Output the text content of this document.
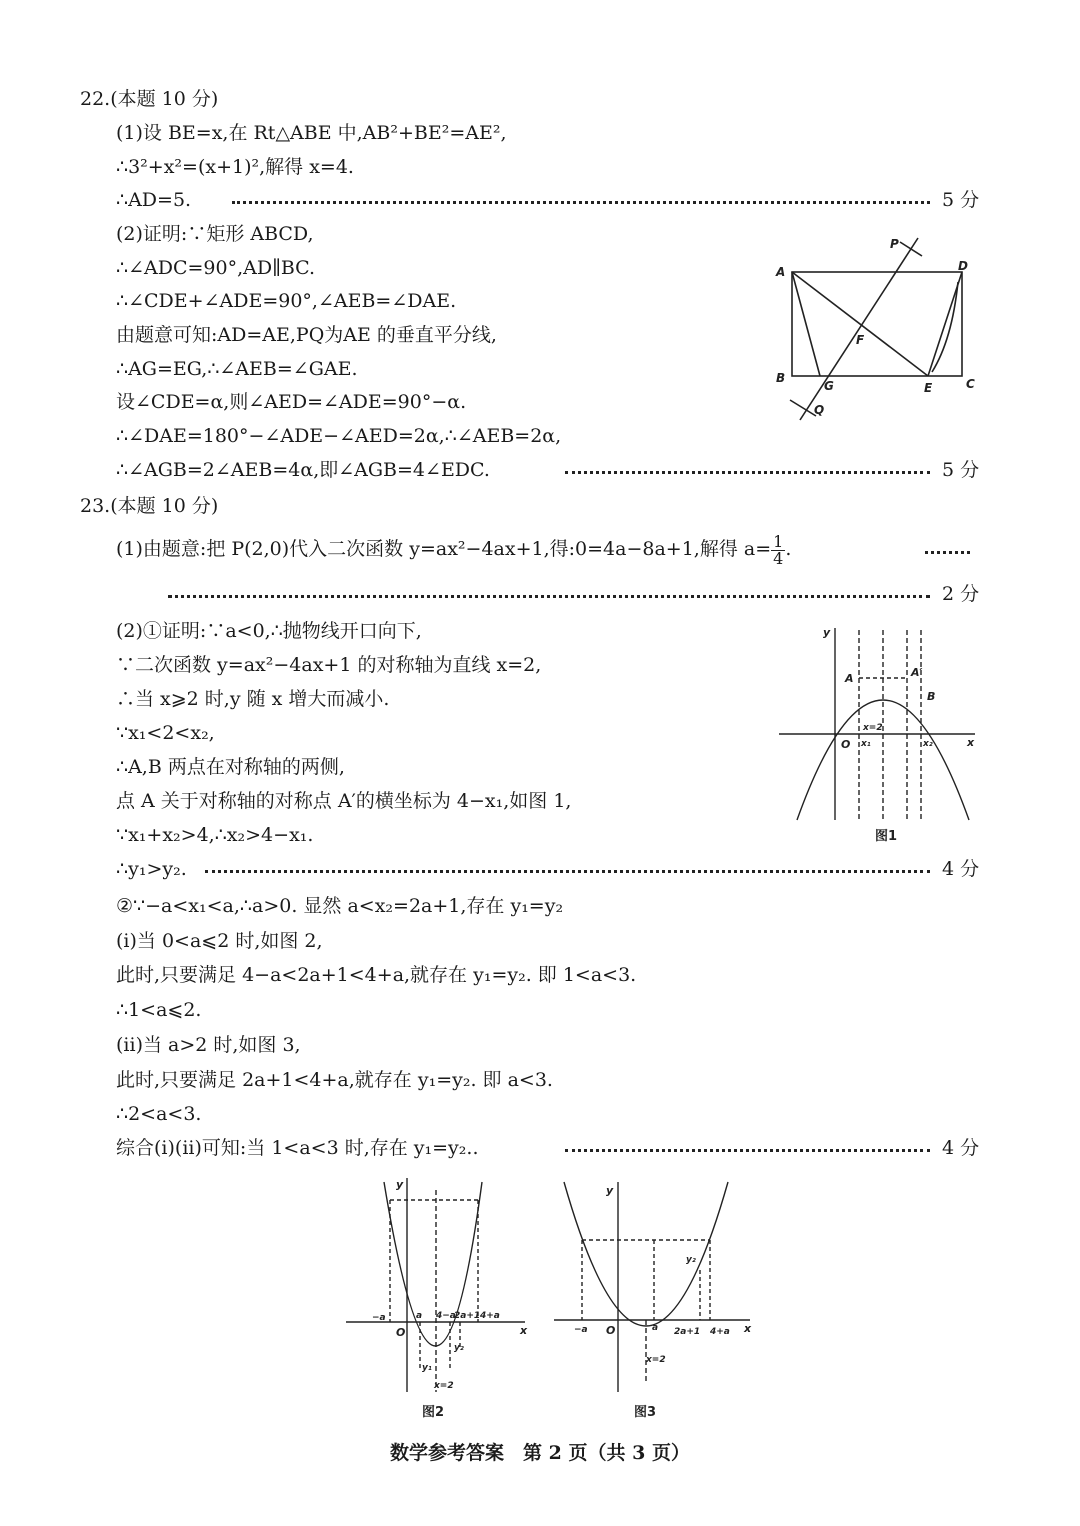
22.(本题 10 分)
(1)设 BE=x,在 Rt△ABE 中,AB²+BE²=AE²,
∴3²+x²=(x+1)²,解得 x=4.
∴AD=5.	5 分
(2)证明:∵矩形 ABCD,
∴∠ADC=90°,AD∥BC.
∴∠CDE+∠ADE=90°,∠AEB=∠DAE.
由题意可知:AD=AE,PQ为AE 的垂直平分线,
∴AG=EG,∴∠AEB=∠GAE.
设∠CDE=α,则∠AED=∠ADE=90°−α.
∴∠DAE=180°−∠ADE−∠AED=2α,∴∠AEB=2α,
∴∠AGB=2∠AEB=4α,即∠AGB=4∠EDC.	5 分
A	D
B	C
E
G
F
P
Q
23.(本题 10 分)
(1)由题意:把 P(2,0)代入二次函数 y=ax²−4ax+1,得:0=4a−8a+1,解得 $a= \frac{1}{4}$ .
2 分
(2)①证明:∵a<0,∴抛物线开口向下,
∵二次函数 y=ax²−4ax+1 的对称轴为直线 x=2,
∴当 x⩾2 时,y 随 x 增大而减小.
∵x₁<2<x₂,
∴A,B 两点在对称轴的两侧,
点 A 关于对称轴的对称点 A′的横坐标为 4−x₁,如图 1,
∵x₁+x₂>4,∴x₂>4−x₁.
∴y₁>y₂.	4 分
②∵−a<x₁<a,∴a>0. 显然 a<x₂=2a+1,存在 y₁=y₂
(i)当 0<a⩽2 时,如图 2,
此时,只要满足 4−a<2a+1<4+a,就存在 y₁=y₂. 即 1<a<3.
∴1<a⩽2.
(ii)当 a>2 时,如图 3,
此时,只要满足 2a+1<4+a,就存在 y₁=y₂. 即 a<3.
∴2<a<3.
综合(i)(ii)可知:当 1<a<3 时,存在 y₁=y₂..	4 分
y
x
O
A	A′
B
x=2
x₁	x₂
图1
y
x
O
−a	a 4−a
2a+1 4+a
y₁
y₂
x=2
图2
y
x
O
−a	a 2a+1 4+a
y₂
x=2
图3
数学参考答案　第 2 页（共 3 页）
